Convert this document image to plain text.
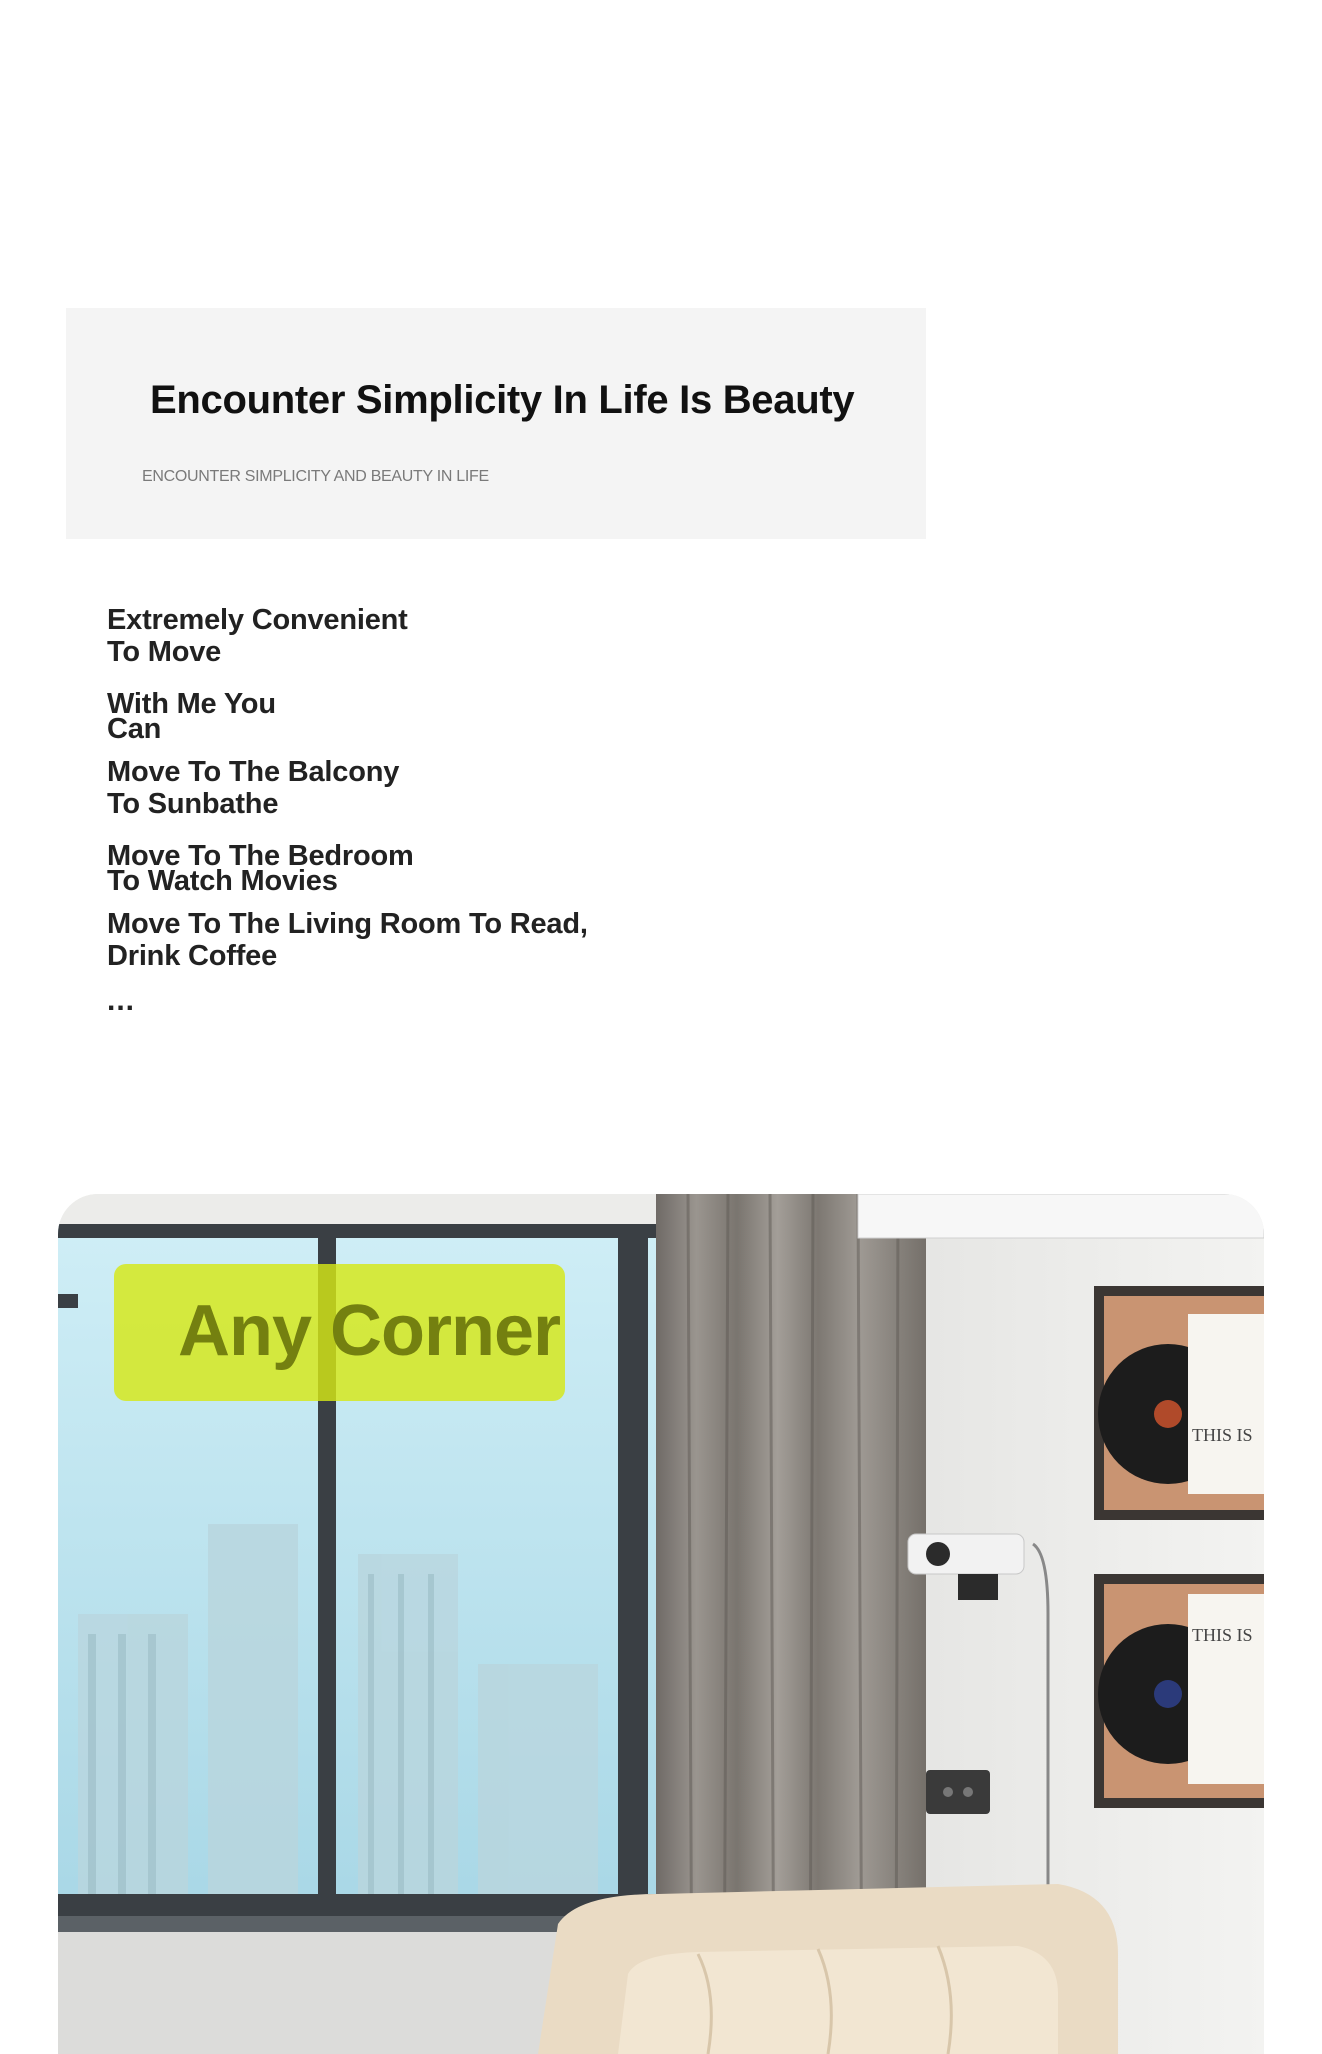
Encounter Simplicity In Life Is Beauty
ENCOUNTER SIMPLICITY AND BEAUTY IN LIFE
Extremely Convenient
To Move
With Me You
Can
Move To The Balcony
To Sunbathe
Move To The Bedroom
To Watch Movies
Move To The Living Room To Read,
Drink Coffee
...
THIS IS
THIS IS
Any Corner
